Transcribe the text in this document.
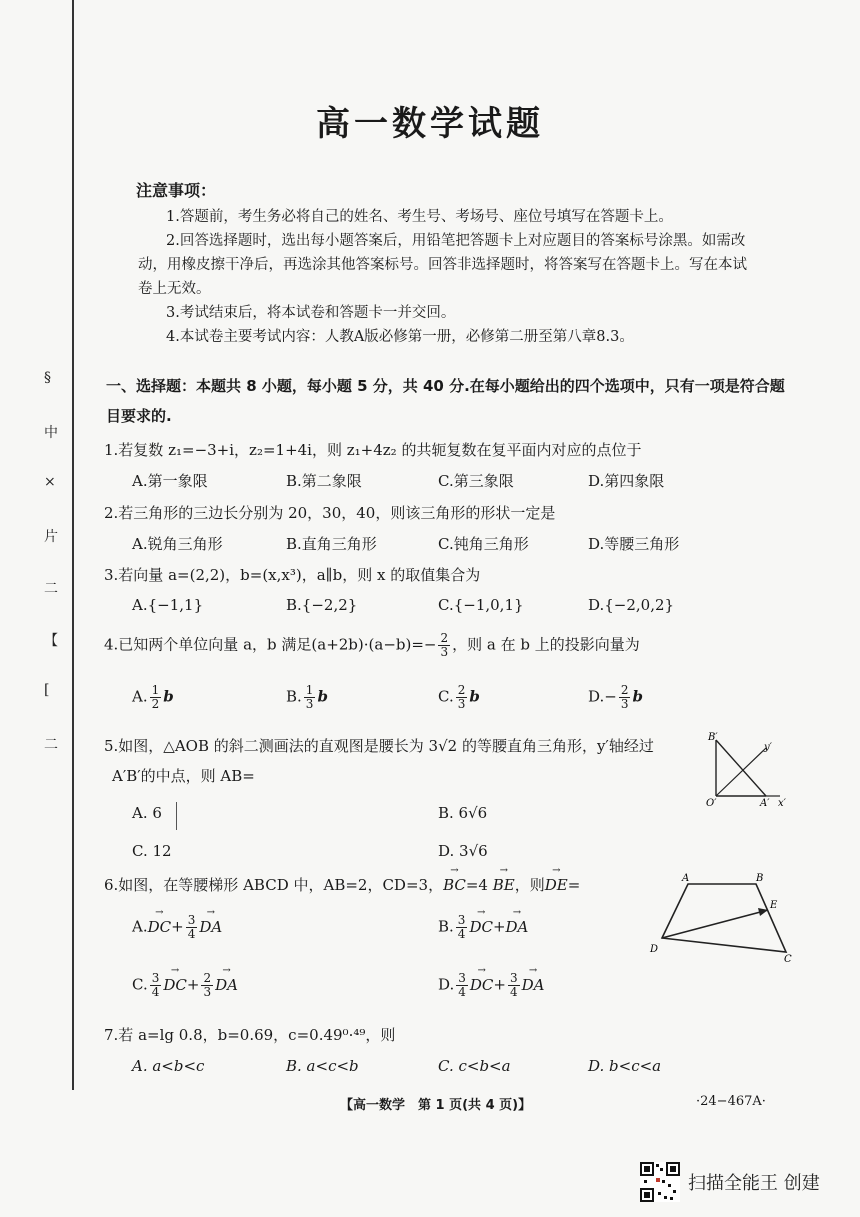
§
中
×
片
二
【
[
二
高一数学试题
注意事项：

1.答题前，考生务必将自己的姓名、考生号、考场号、座位号填写在答题卡上。

2.回答选择题时，选出每小题答案后，用铅笔把答题卡上对应题目的答案标号涂黑。如需改动，用橡皮擦干净后，再选涂其他答案标号。回答非选择题时，将答案写在答题卡上。写在本试卷上无效。

3.考试结束后，将本试卷和答题卡一并交回。

4.本试卷主要考试内容：人教A版必修第一册，必修第二册至第八章8.3。

一、选择题：本题共 8 小题，每小题 5 分，共 40 分.在每小题给出的四个选项中，只有一项是符合题目要求的.
1.若复数 z₁=−3+i，z₂=1+4i，则 z₁+4z₂ 的共轭复数在复平面内对应的点位于
A.第一象限	B.第二象限	C.第三象限	D.第四象限
2.若三角形的三边长分别为 20，30，40，则该三角形的形状一定是
A.锐角三角形	B.直角三角形	C.钝角三角形	D.等腰三角形
3.若向量 a=(2,2)，b=(x,x³)，a∥b，则 x 的取值集合为
A.{−1,1}	B.{−2,2}	C.{−1,0,1}	D.{−2,0,2}
4.已知两个单位向量 a，b 满足$(a+2b)\cdot(a-b)=- \frac{2}{3}$ ，则 a 在 b 上的投影向量为
A. $\frac{1}{2}$ b	B. $\frac{1}{3}$ b	C. $\frac{2}{3}$ b	$D.- \frac{2}{3}$ b
5.如图，△AOB 的斜二测画法的直观图是腰长为 3√2 的等腰直角三角形，y′轴经过
A′B′的中点，则 AB=
A. 6	B. 6√6
C. 12	D. 3√6
B′
y′
O′	A′ x′
6.如图，在等腰梯形 ABCD 中，AB=2，CD=3，→ BC=4 → BE，则→ DE=
$A.\to DC+ \frac{3}{4}$
→ DA	B. $\frac{3}{4}$
→ DC+→ DA
C. $\frac{3}{4}$
→ $DC+ \frac{2}{3}$
→ DA	D. $\frac{3}{4}$
→ $DC+ \frac{3}{4}$
→ DA
A	B
E
D
C
7.若 a=lg 0.8，b=0.69，c=0.49⁰·⁴⁹，则
A. a<b<c	B. a<c<b	C. c<b<a	D. b<c<a
【高一数学　第 1 页(共 4 页)】	·24−467A·
扫描全能王 创建
